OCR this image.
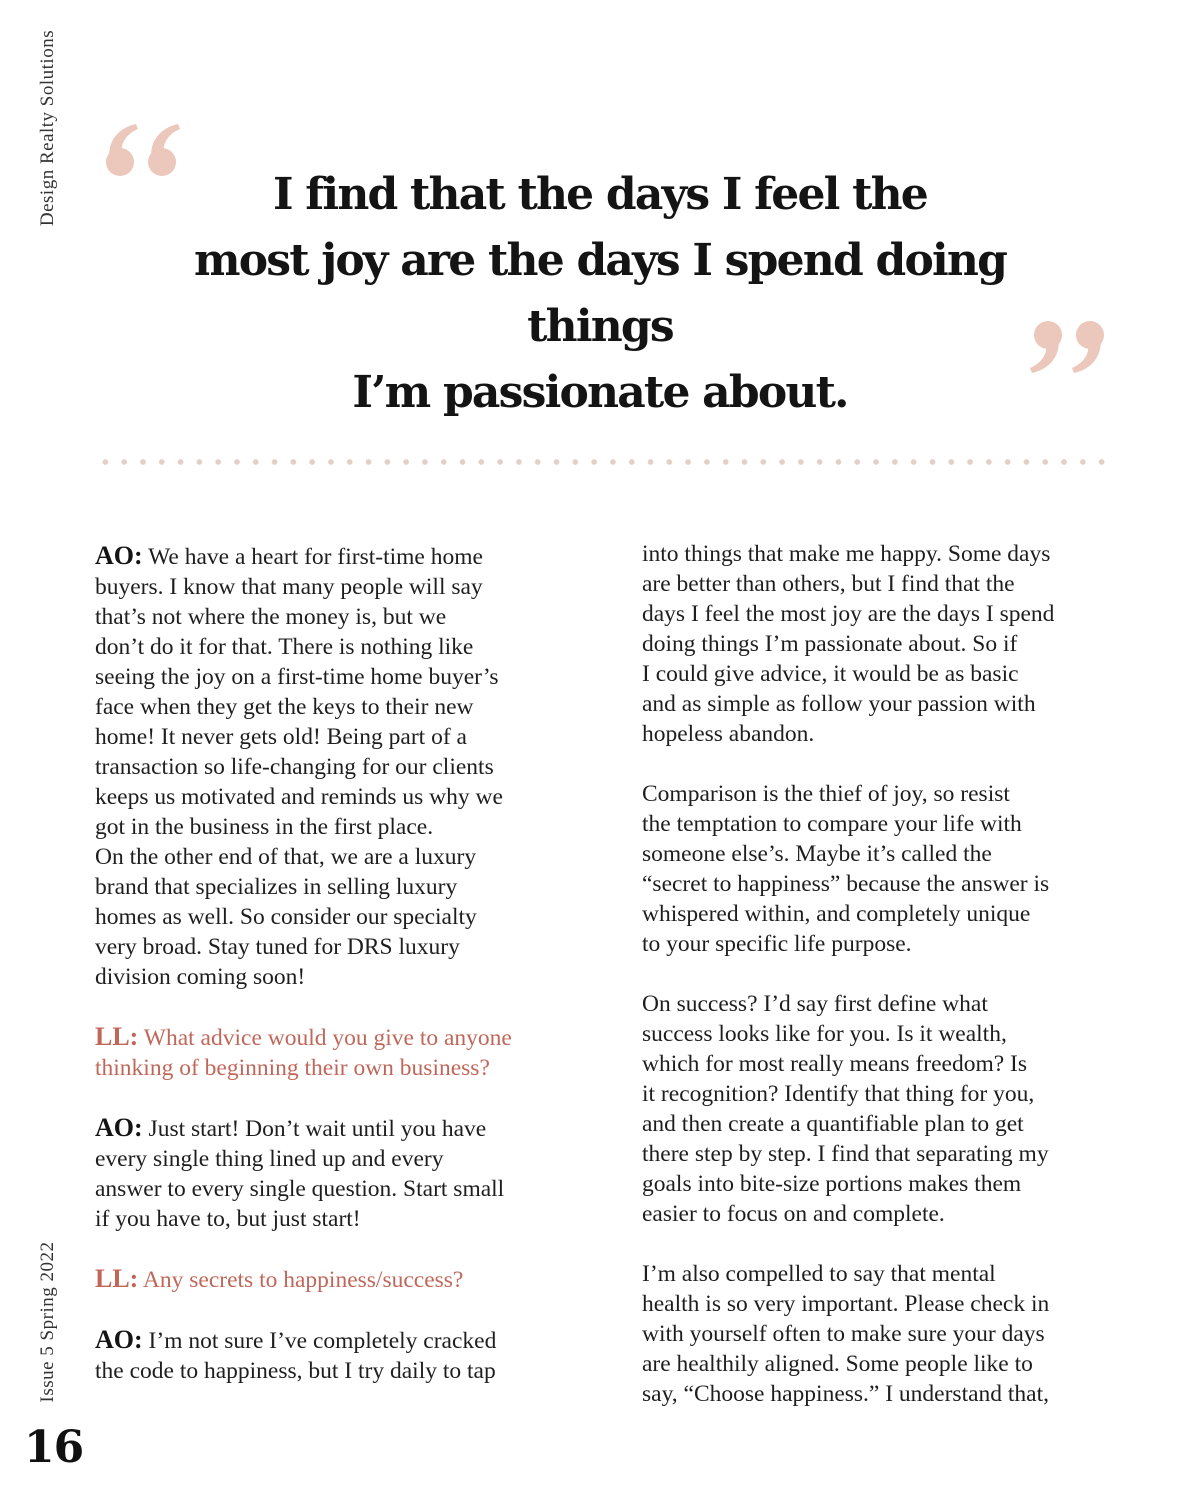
Design Realty Solutions
Issue 5 Spring 2022
16
I find that the days I feel the
most joy are the days I spend doing things
I’m passionate about.

AO: We have a heart for first-time home
buyers. I know that many people will say
that’s not where the money is, but we
don’t do it for that. There is nothing like
seeing the joy on a first-time home buyer’s
face when they get the keys to their new
home! It never gets old! Being part of a
transaction so life-changing for our clients
keeps us motivated and reminds us why we
got in the business in the first place.
On the other end of that, we are a luxury
brand that specializes in selling luxury
homes as well. So consider our specialty
very broad. Stay tuned for DRS luxury
division coming soon!

LL: What advice would you give to anyone
thinking of beginning their own business?

AO: Just start! Don’t wait until you have
every single thing lined up and every
answer to every single question. Start small
if you have to, but just start!

LL: Any secrets to happiness/success?

AO: I’m not sure I’ve completely cracked
the code to happiness, but I try daily to tap

into things that make me happy. Some days
are better than others, but I find that the
days I feel the most joy are the days I spend
doing things I’m passionate about. So if
I could give advice, it would be as basic
and as simple as follow your passion with
hopeless abandon.

Comparison is the thief of joy, so resist
the temptation to compare your life with
someone else’s. Maybe it’s called the
“secret to happiness” because the answer is
whispered within, and completely unique
to your specific life purpose.

On success? I’d say first define what
success looks like for you. Is it wealth,
which for most really means freedom? Is
it recognition? Identify that thing for you,
and then create a quantifiable plan to get
there step by step. I find that separating my
goals into bite-size portions makes them
easier to focus on and complete.

I’m also compelled to say that mental
health is so very important. Please check in
with yourself often to make sure your days
are healthily aligned. Some people like to
say, “Choose happiness.” I understand that,
